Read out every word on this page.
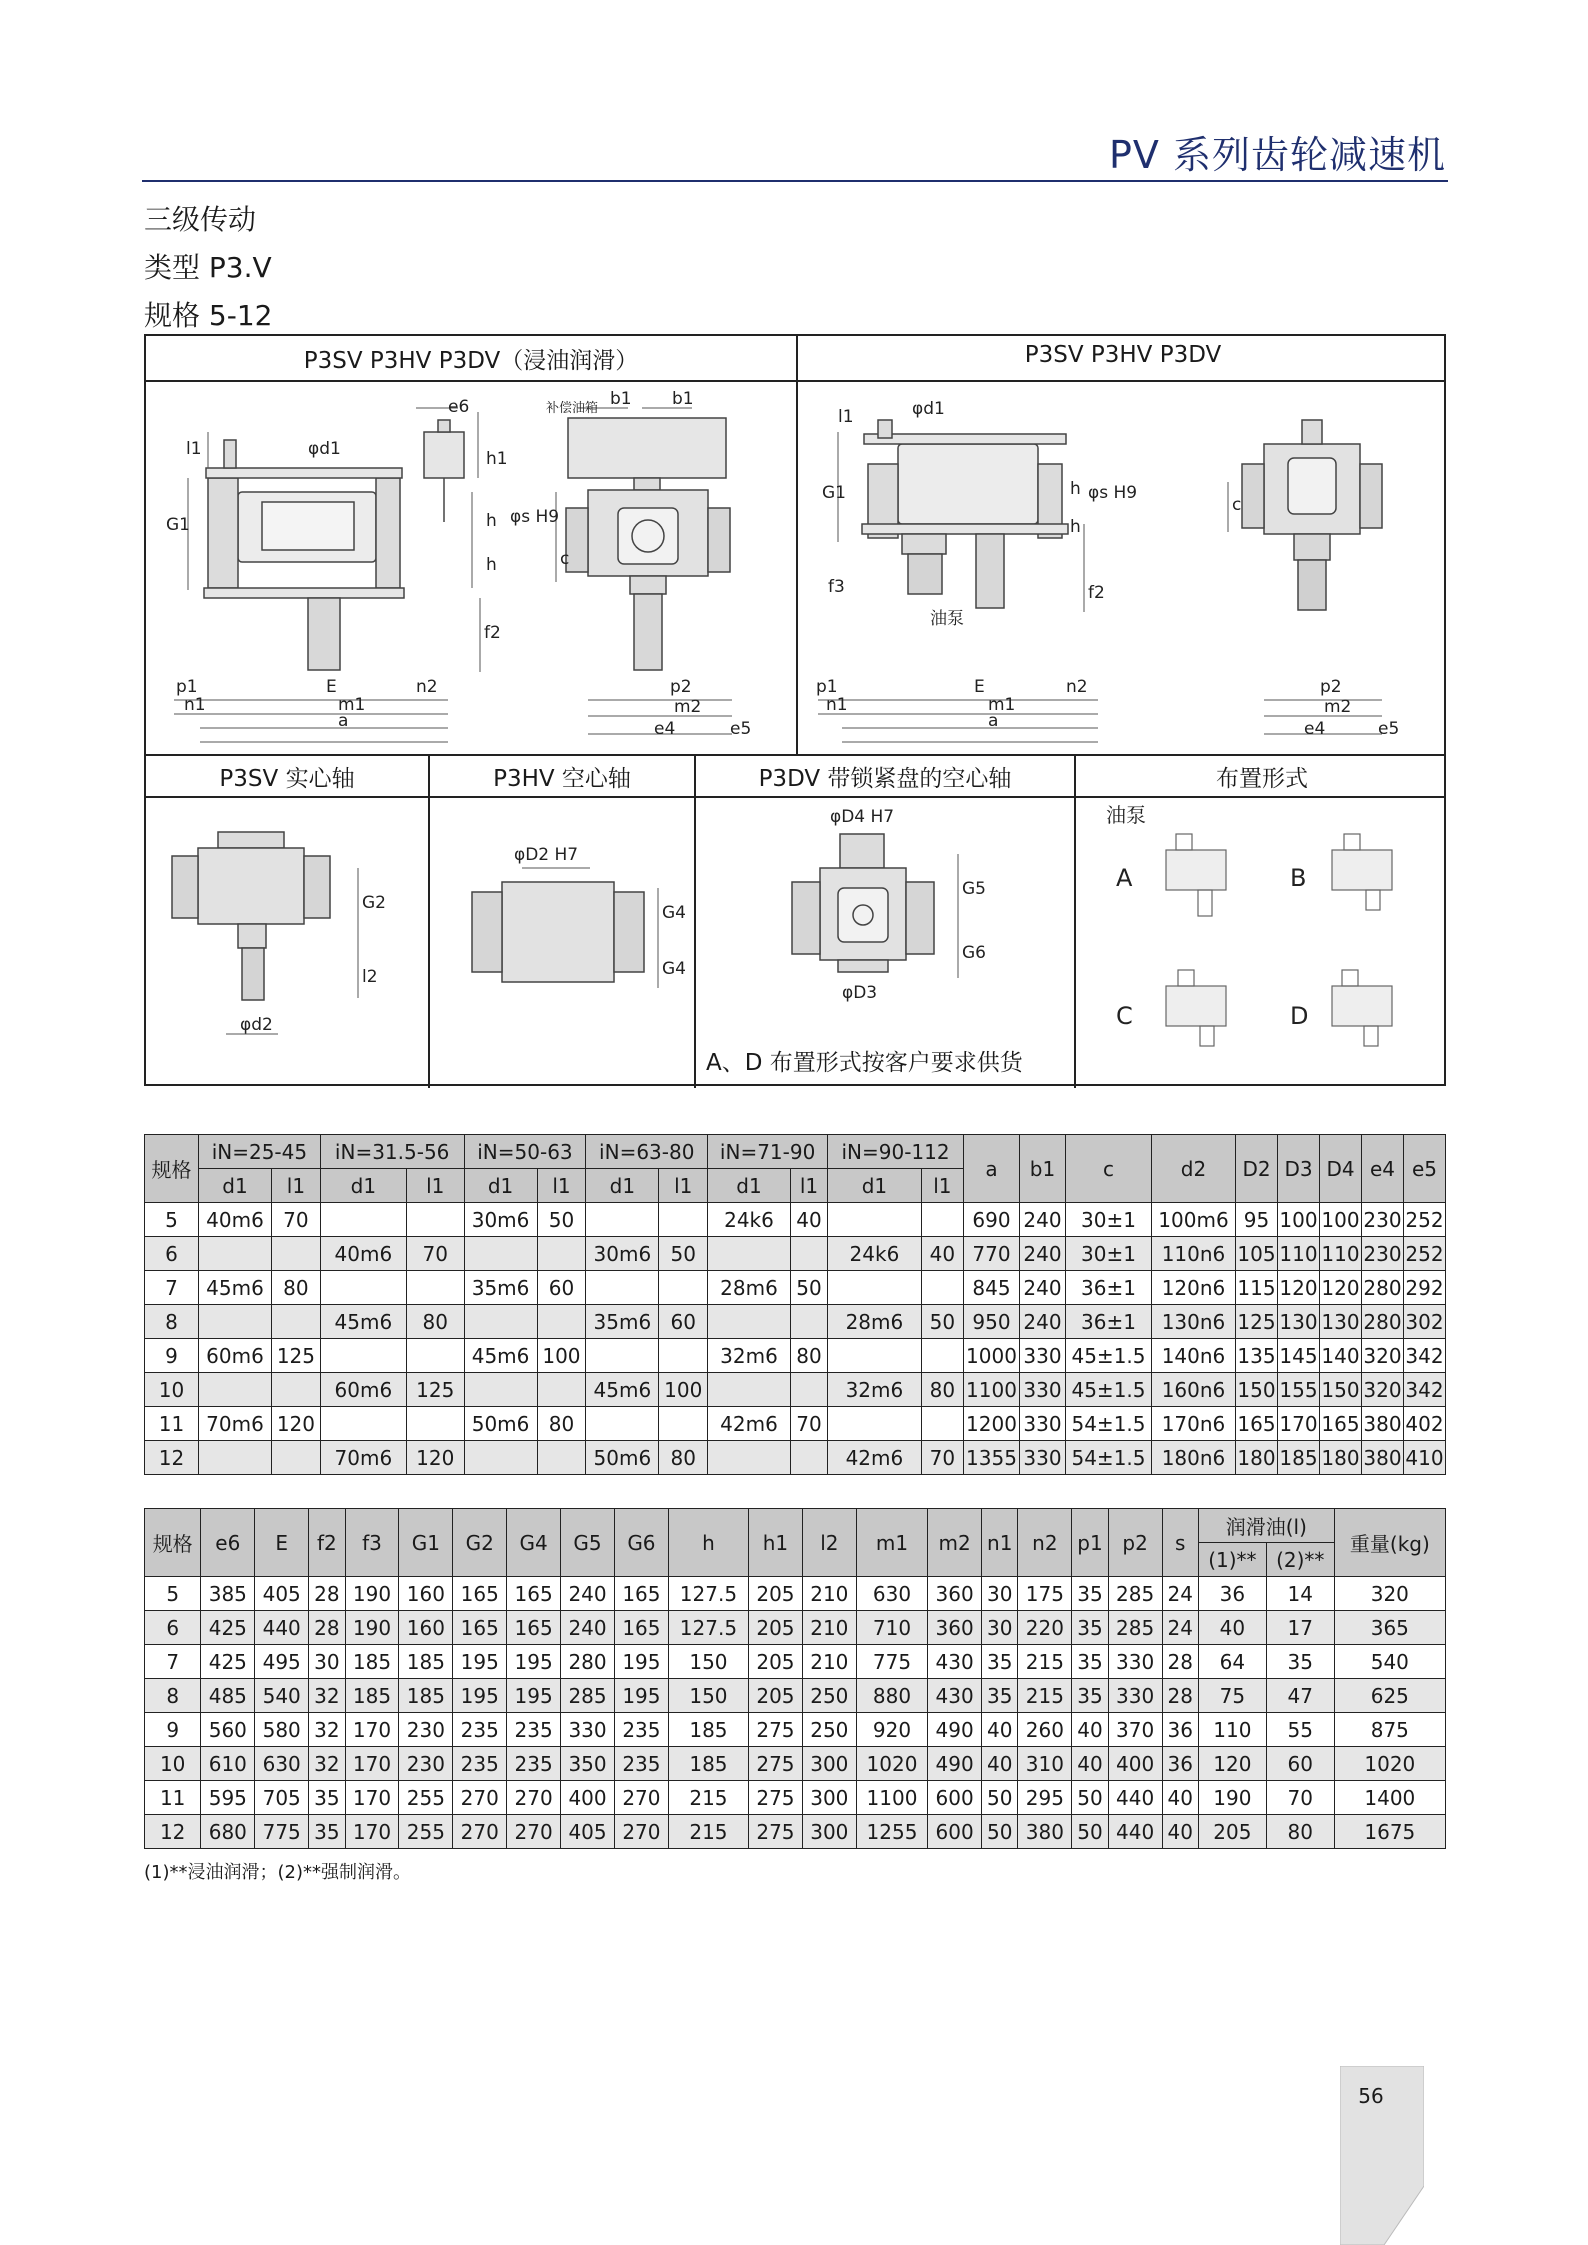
PV 系列齿轮减速机
三级传动
类型 P3.V
规格 5-12
P3SV P3HV P3DV（浸油润滑）	P3SV P3HV P3DV
P3SV 实心轴	P3HV 空心轴	P3DV 带锁紧盘的空心轴	布置形式
φd1
e6	补偿油箱 b1 b1
φs H9
h1
h
h
G1
l1
c
f2
p1	E	n2
n1	m1
a
p2
m2
e4	e5
φd1
φs H9
l1
G1	h
h
c
f3	f2
油泵
p1	E	n2
n1	m1
a
p2
m2
e4	e5
G2
l2
φd2
φD2 H7
G4
G4
φD4 H7
G5
G6
φD3
A、D 布置形式按客户要求供货
油泵
A	B
C	D
规格	iN=25-45		iN=31.5-56		iN=50-63		iN=63-80		iN=71-90		iN=90-112		a	b1	c	d2	D2	D3	D4	e4	e5
	d1	l1	d1	l1	d1	l1	d1	l1	d1	l1	d1	l1									
5	40m6	70			30m6	50			24k6	40			690	240	30±1	100m6	95	100	100	230	252
6			40m6	70			30m6	50			24k6	40	770	240	30±1	110n6	105	110	110	230	252
7	45m6	80			35m6	60			28m6	50			845	240	36±1	120n6	115	120	120	280	292
8			45m6	80			35m6	60			28m6	50	950	240	36±1	130n6	125	130	130	280	302
9	60m6	125			45m6	100			32m6	80			1000	330	45±1.5	140n6	135	145	140	320	342
10			60m6	125			45m6	100			32m6	80	1100	330	45±1.5	160n6	150	155	150	320	342
11	70m6	120			50m6	80			42m6	70			1200	330	54±1.5	170n6	165	170	165	380	402
12			70m6	120			50m6	80			42m6	70	1355	330	54±1.5	180n6	180	185	180	380	410
规格	e6	E	f2	f3	G1	G2	G4	G5	G6	h	h1	l2	m1	m2	n1	n2	p1	p2	s	润滑油(l)		重量(kg)
																				(1)**	(2)**	
5	385	405	28	190	160	165	165	240	165	127.5	205	210	630	360	30	175	35	285	24	36	14	320
6	425	440	28	190	160	165	165	240	165	127.5	205	210	710	360	30	220	35	285	24	40	17	365
7	425	495	30	185	185	195	195	280	195	150	205	210	775	430	35	215	35	330	28	64	35	540
8	485	540	32	185	185	195	195	285	195	150	205	250	880	430	35	215	35	330	28	75	47	625
9	560	580	32	170	230	235	235	330	235	185	275	250	920	490	40	260	40	370	36	110	55	875
10	610	630	32	170	230	235	235	350	235	185	275	300	1020	490	40	310	40	400	36	120	60	1020
11	595	705	35	170	255	270	270	400	270	215	275	300	1100	600	50	295	50	440	40	190	70	1400
12	680	775	35	170	255	270	270	405	270	215	275	300	1255	600	50	380	50	440	40	205	80	1675
(1)**浸油润滑；(2)**强制润滑。
56
